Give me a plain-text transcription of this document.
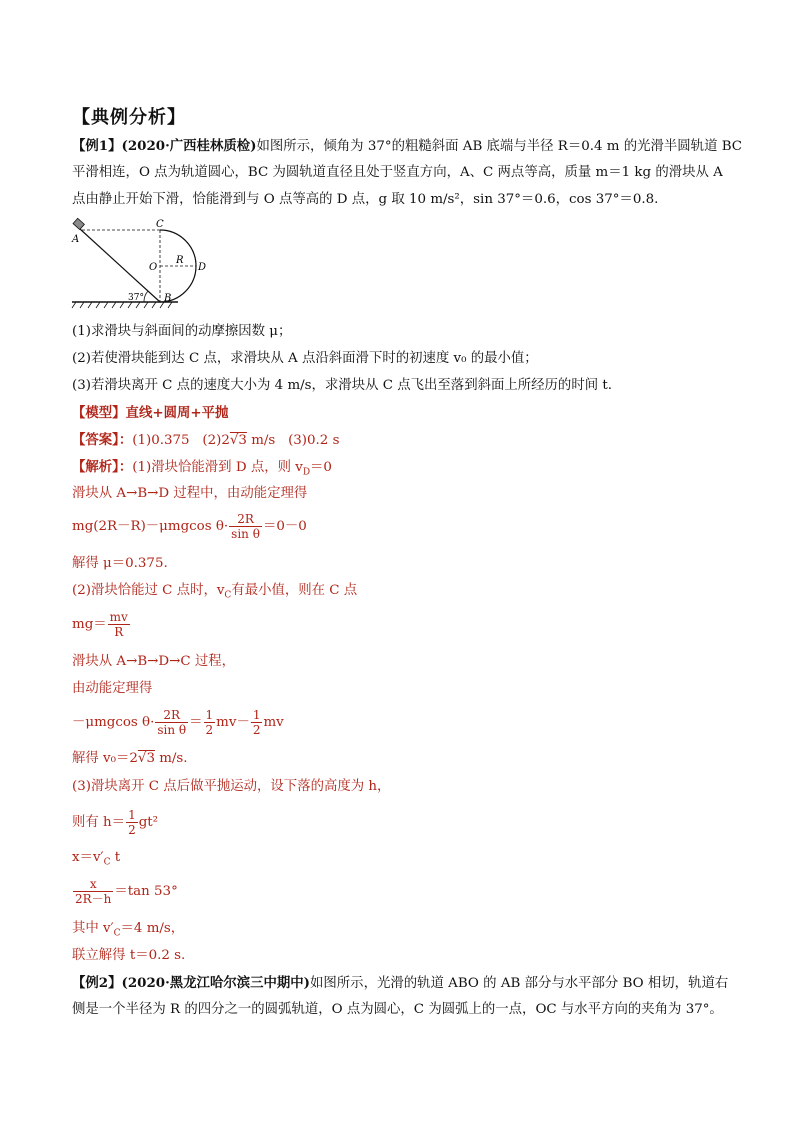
【典例分析】
【例1】(2020·广西桂林质检)如图所示，倾角为 37°的粗糙斜面 AB 底端与半径 R＝0.4 m 的光滑半圆轨道 BC
平滑相连，O 点为轨道圆心，BC 为圆轨道直径且处于竖直方向，A、C 两点等高，质量 m＝1 kg 的滑块从 A
点由静止开始下滑，恰能滑到与 O 点等高的 D 点，g 取 10 m/s²，sin 37°＝0.6，cos 37°＝0.8.
A
C
O
R
D
B
37°
(1)求滑块与斜面间的动摩擦因数 μ；
(2)若使滑块能到达 C 点，求滑块从 A 点沿斜面滑下时的初速度 v₀ 的最小值；
(3)若滑块离开 C 点的速度大小为 4 m/s，求滑块从 C 点飞出至落到斜面上所经历的时间 t.
【模型】直线+圆周+平抛
【答案】：(1)0.375 (2)2√3 m/s (3)0.2 s
【解析】：(1)滑块恰能滑到 D 点，则 $v_D=0$
滑块从 A→B→D 过程中，由动能定理得
mg(2R－R)－μmgcos $\theta\cdot \frac{2R}{\text{sin θ}} =0-0$
解得 μ＝0.375.
(2)滑块恰能过 C 点时，$v_C$有最小值，则在 C 点
$mg= \frac{mv}{R}$
滑块从 A→B→D→C 过程，
由动能定理得
－μmgcos $\theta\cdot \frac{2R}{\text{sin θ}} = \frac{1}{2} mv- \frac{1}{2}$ mv
解得 v₀＝2√3 m/s.
(3)滑块离开 C 点后做平抛运动，设下落的高度为 h，
则有 $h= \frac{1}{2} gt^2$
$x=v'_C$ t
$\frac{x}{2R-h} =\tan$ 53°
其中 $v'_C=4$ m/s，
联立解得 t＝0.2 s.
【例2】(2020·黑龙江哈尔滨三中期中)如图所示，光滑的轨道 ABO 的 AB 部分与水平部分 BO 相切，轨道右
侧是一个半径为 R 的四分之一的圆弧轨道，O 点为圆心，C 为圆弧上的一点，OC 与水平方向的夹角为 37°。
